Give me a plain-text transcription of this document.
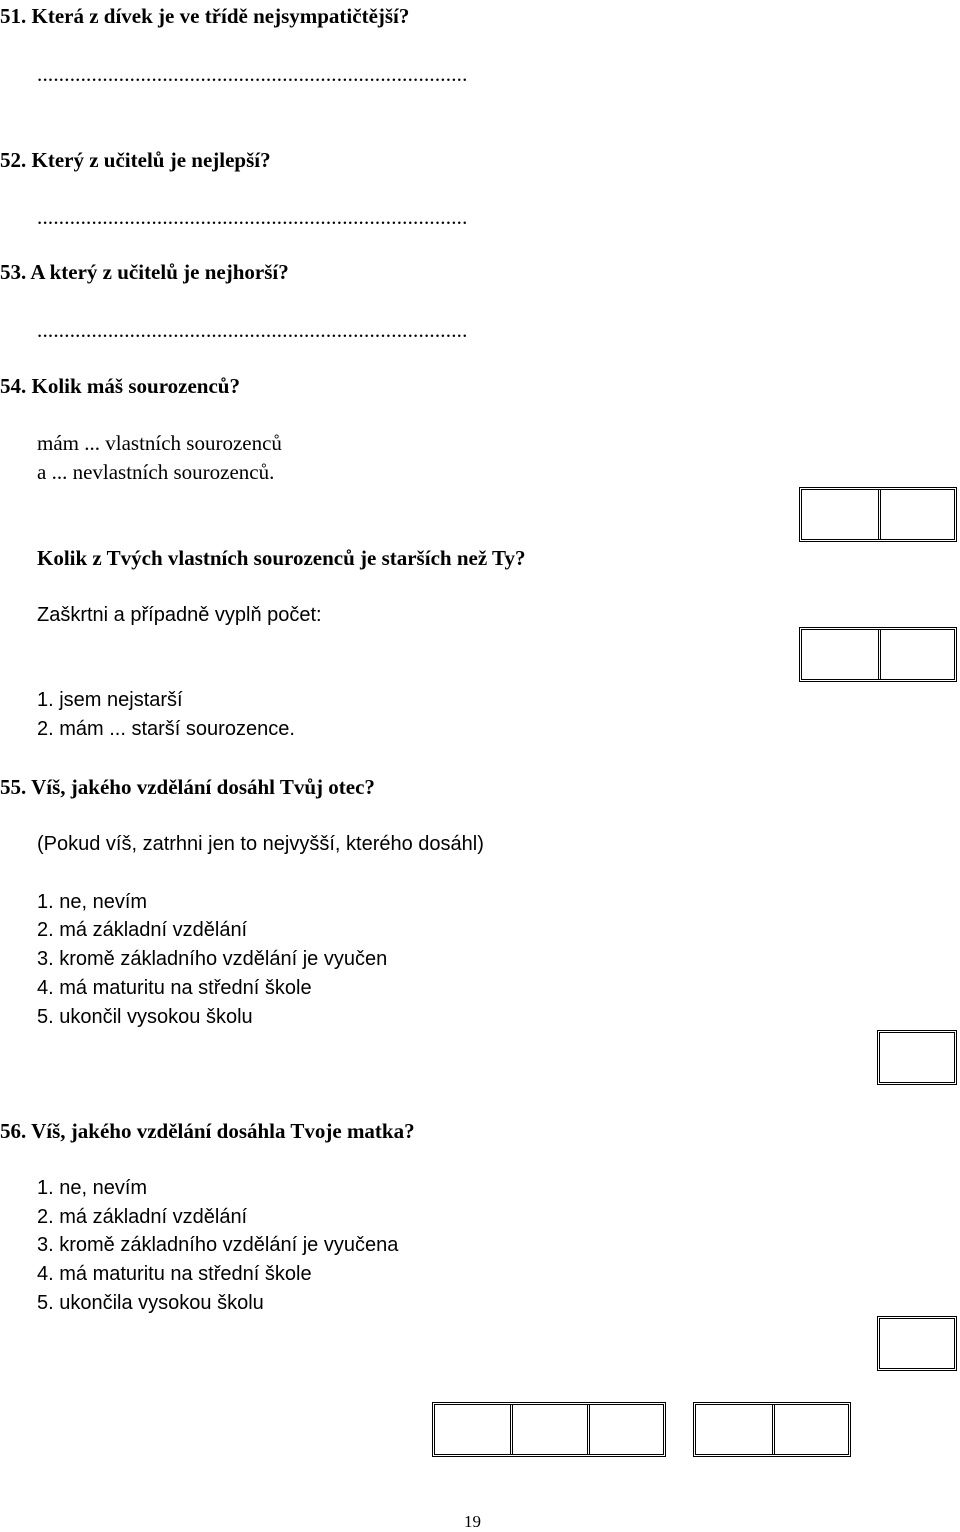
51. Která z dívek je ve třídě nejsympatičtější?
...............................................................................
52. Který z učitelů je nejlepší?
...............................................................................
53. A který z učitelů je nejhorší?
...............................................................................
54. Kolik máš sourozenců?
mám ... vlastních sourozenců
a ... nevlastních sourozenců.
Kolik z Tvých vlastních sourozenců je starších než Ty?
Zaškrtni a případně vyplň počet:
1. jsem nejstarší
2. mám ... starší sourozence.
55. Víš, jakého vzdělání dosáhl Tvůj otec?
(Pokud víš, zatrhni jen to nejvyšší, kterého dosáhl)
1. ne, nevím
2. má základní vzdělání
3. kromě základního vzdělání je vyučen
4. má maturitu na střední škole
5. ukončil vysokou školu
56. Víš, jakého vzdělání dosáhla Tvoje matka?
1. ne, nevím
2. má základní vzdělání
3. kromě základního vzdělání je vyučena
4. má maturitu na střední škole
5. ukončila vysokou školu
19
